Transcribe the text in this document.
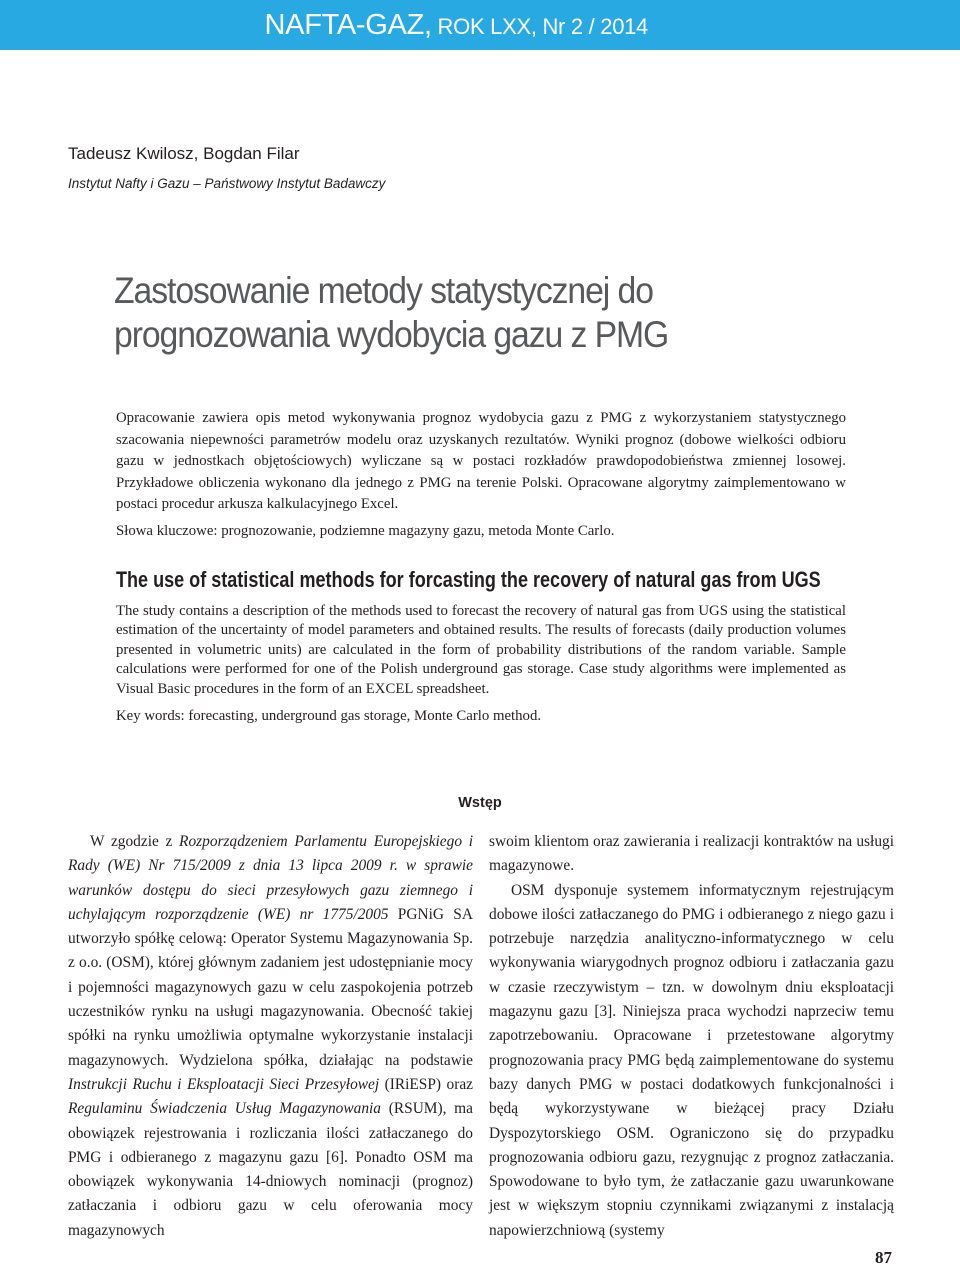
NAFTA-GAZ, ROK LXX, Nr 2 / 2014
Tadeusz Kwilosz, Bogdan Filar
Instytut Nafty i Gazu – Państwowy Instytut Badawczy
Zastosowanie metody statystycznej do prognozowania wydobycia gazu z PMG

Opracowanie zawiera opis metod wykonywania prognoz wydobycia gazu z PMG z wykorzystaniem statystycznego szacowania niepewności parametrów modelu oraz uzyskanych rezultatów. Wyniki prognoz (dobowe wielkości odbioru gazu w jednostkach objętościowych) wyliczane są w postaci rozkładów prawdopodobieństwa zmiennej losowej. Przykładowe obliczenia wykonano dla jednego z PMG na terenie Polski. Opracowane algorytmy zaimplementowano w postaci procedur arkusza kalkulacyjnego Excel.

Słowa kluczowe: prognozowanie, podziemne magazyny gazu, metoda Monte Carlo.

The use of statistical methods for forcasting the recovery of natural gas from UGS

The study contains a description of the methods used to forecast the recovery of natural gas from UGS using the statistical estimation of the uncertainty of model parameters and obtained results. The results of forecasts (daily production volumes presented in volumetric units) are calculated in the form of probability distributions of the random variable. Sample calculations were performed for one of the Polish underground gas storage. Case study algorithms were implemented as Visual Basic procedures in the form of an EXCEL spreadsheet.

Key words: forecasting, underground gas storage, Monte Carlo method.

Wstęp

W zgodzie z Rozporządzeniem Parlamentu Europejskiego i Rady (WE) Nr 715/2009 z dnia 13 lipca 2009 r. w sprawie warunków dostępu do sieci przesyłowych gazu ziemnego i uchylającym rozporządzenie (WE) nr 1775/2005 PGNiG SA utworzyło spółkę celową: Operator Systemu Magazynowania Sp. z o.o. (OSM), której głównym zadaniem jest udostępnianie mocy i pojemności magazynowych gazu w celu zaspokojenia potrzeb uczestników rynku na usługi magazynowania. Obecność takiej spółki na rynku umożliwia optymalne wykorzystanie instalacji magazynowych. Wydzielona spółka, działając na podstawie Instrukcji Ruchu i Eksploatacji Sieci Przesyłowej (IRiESP) oraz Regulaminu Świadczenia Usług Magazynowania (RSUM), ma obowiązek rejestrowania i rozliczania ilości zatłaczanego do PMG i odbieranego z magazynu gazu [6]. Ponadto OSM ma obowiązek wykonywania 14-dniowych nominacji (prognoz) zatłaczania i odbioru gazu w celu oferowania mocy magazynowych

swoim klientom oraz zawierania i realizacji kontraktów na usługi magazynowe.

OSM dysponuje systemem informatycznym rejestrującym dobowe ilości zatłaczanego do PMG i odbieranego z niego gazu i potrzebuje narzędzia analityczno-informatycznego w celu wykonywania wiarygodnych prognoz odbioru i zatłaczania gazu w czasie rzeczywistym – tzn. w dowolnym dniu eksploatacji magazynu gazu [3]. Niniejsza praca wychodzi naprzeciw temu zapotrzebowaniu. Opracowane i przetestowane algorytmy prognozowania pracy PMG będą zaimplementowane do systemu bazy danych PMG w postaci dodatkowych funkcjonalności i będą wykorzystywane w bieżącej pracy Działu Dyspozytorskiego OSM. Ograniczono się do przypadku prognozowania odbioru gazu, rezygnując z prognoz zatłaczania. Spowodowane to było tym, że zatłaczanie gazu uwarunkowane jest w większym stopniu czynnikami związanymi z instalacją napowierzchniową (systemy

87
